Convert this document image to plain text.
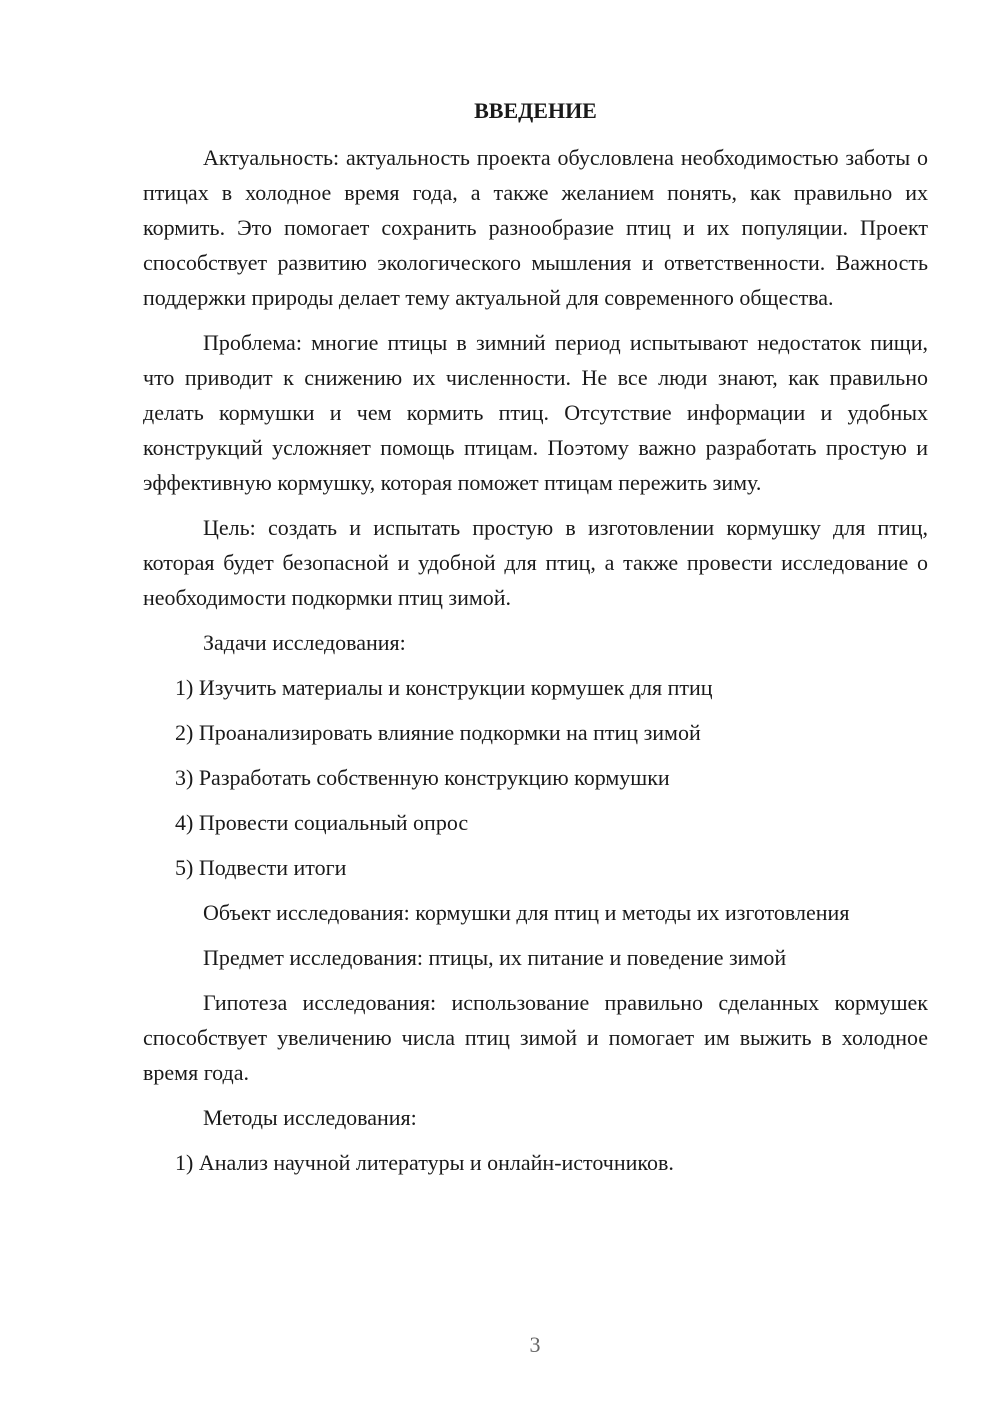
ВВЕДЕНИЕ

Актуальность: актуальность проекта обусловлена необходимостью заботы о птицах в холодное время года, а также желанием понять, как правильно их кормить. Это помогает сохранить разнообразие птиц и их популяции. Проект способствует развитию экологического мышления и ответственности. Важность поддержки природы делает тему актуальной для современного общества.

Проблема: многие птицы в зимний период испытывают недостаток пищи, что приводит к снижению их численности. Не все люди знают, как правильно делать кормушки и чем кормить птиц. Отсутствие информации и удобных конструкций усложняет помощь птицам. Поэтому важно разработать простую и эффективную кормушку, которая поможет птицам пережить зиму.

Цель: создать и испытать простую в изготовлении кормушку для птиц, которая будет безопасной и удобной для птиц, а также провести исследование о необходимости подкормки птиц зимой.

Задачи исследования:

1) Изучить материалы и конструкции кормушек для птиц

2) Проанализировать влияние подкормки на птиц зимой

3) Разработать собственную конструкцию кормушки

4) Провести социальный опрос

5) Подвести итоги

Объект исследования: кормушки для птиц и методы их изготовления

Предмет исследования: птицы, их питание и поведение зимой

Гипотеза исследования: использование правильно сделанных кормушек способствует увеличению числа птиц зимой и помогает им выжить в холодное время года.

Методы исследования:

1) Анализ научной литературы и онлайн-источников.

3
